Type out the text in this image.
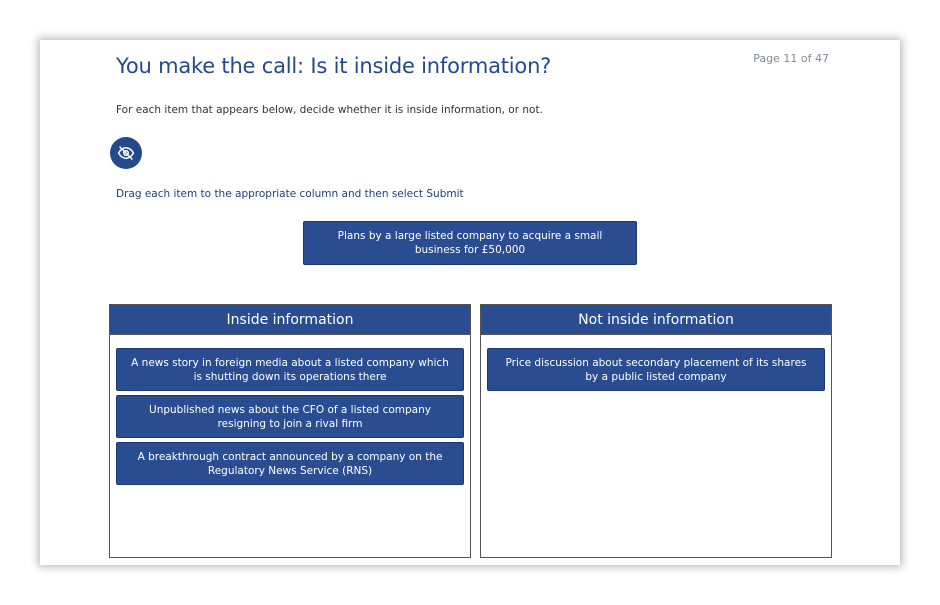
Page 11 of 47
You make the call: Is it inside information?
For each item that appears below, decide whether it is inside information, or not.
Drag each item to the appropriate column and then select Submit
Plans by a large listed company to acquire a small business for £50,000
Inside information
A news story in foreign media about a listed company which is shutting down its operations there
Unpublished news about the CFO of a listed company resigning to join a rival firm
A breakthrough contract announced by a company on the Regulatory News Service (RNS)
Not inside information
Price discussion about secondary placement of its shares by a public listed company
